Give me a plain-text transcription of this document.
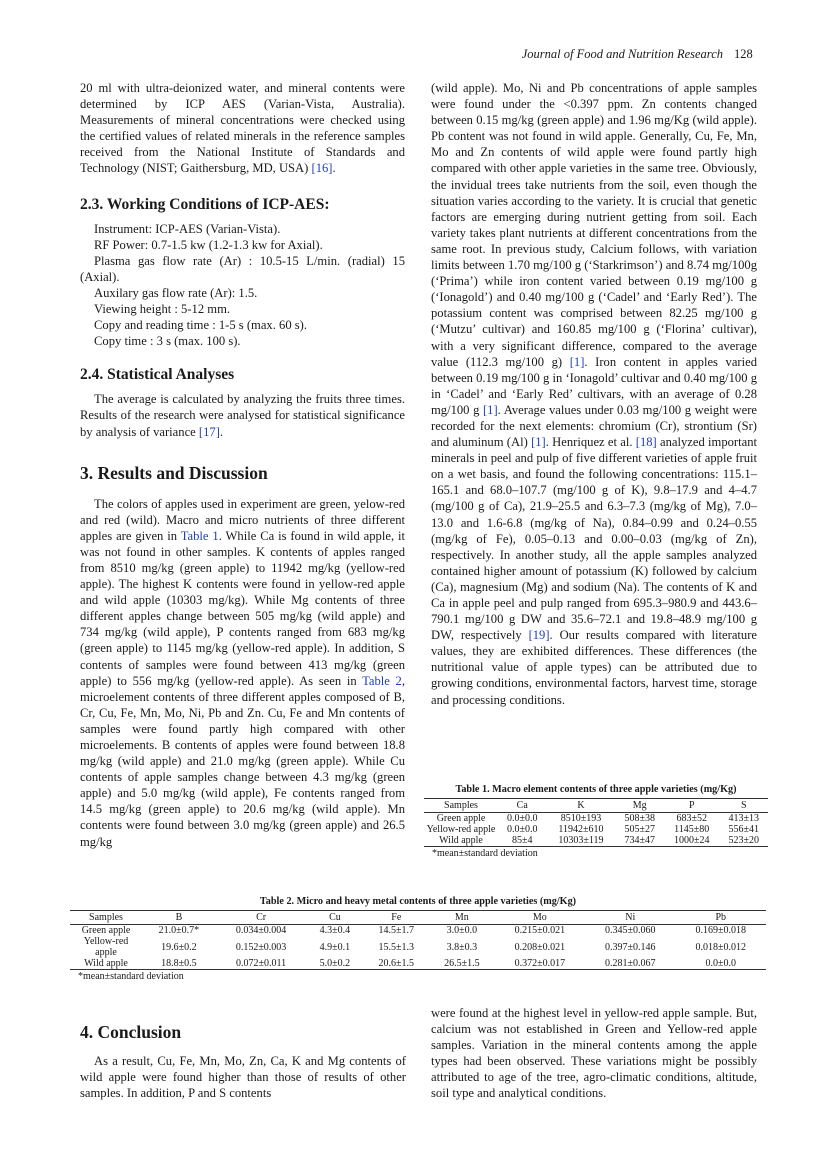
Journal of Food and Nutrition Research 128

20 ml with ultra-deionized water, and mineral contents were determined by ICP AES (Varian-Vista, Australia). Measurements of mineral concentrations were checked using the certified values of related minerals in the reference samples received from the National Institute of Standards and Technology (NIST; Gaithersburg, MD, USA) [16].

2.3. Working Conditions of ICP-AES:

Instrument: ICP-AES (Varian-Vista).

RF Power: 0.7-1.5 kw (1.2-1.3 kw for Axial).

Plasma gas flow rate (Ar) : 10.5-15 L/min. (radial) 15 (Axial).

Auxilary gas flow rate (Ar): 1.5.

Viewing height : 5-12 mm.

Copy and reading time : 1-5 s (max. 60 s).

Copy time : 3 s (max. 100 s).

2.4. Statistical Analyses

The average is calculated by analyzing the fruits three times. Results of the research were analysed for statistical significance by analysis of variance [17].

3. Results and Discussion

The colors of apples used in experiment are green, yelow-red and red (wild). Macro and micro nutrients of three different apples are given in Table 1. While Ca is found in wild apple, it was not found in other samples. K contents of apples ranged from 8510 mg/kg (green apple) to 11942 mg/kg (yellow-red apple). The highest K contents were found in yellow-red apple and wild apple (10303 mg/kg). While Mg contents of three different apples change between 505 mg/kg (wild apple) and 734 mg/kg (wild apple), P contents ranged from 683 mg/kg (green apple) to 1145 mg/kg (yellow-red apple). In addition, S contents of samples were found between 413 mg/kg (green apple) to 556 mg/kg (yellow-red apple). As seen in Table 2, microelement contents of three different apples composed of B, Cr, Cu, Fe, Mn, Mo, Ni, Pb and Zn. Cu, Fe and Mn contents of samples were found partly high compared with other microelements. B contents of apples were found between 18.8 mg/kg (wild apple) and 21.0 mg/kg (green apple). While Cu contents of apple samples change between 4.3 mg/kg (green apple) and 5.0 mg/kg (wild apple), Fe contents ranged from 14.5 mg/kg (green apple) to 20.6 mg/kg (wild apple). Mn contents were found between 3.0 mg/kg (green apple) and 26.5 mg/kg

(wild apple). Mo, Ni and Pb concentrations of apple samples were found under the <0.397 ppm. Zn contents changed between 0.15 mg/kg (green apple) and 1.96 mg/Kg (wild apple). Pb content was not found in wild apple. Generally, Cu, Fe, Mn, Mo and Zn contents of wild apple were found partly high compared with other apple varieties in the same tree. Obviously, the invidual trees take nutrients from the soil, even though the situation varies according to the variety. It is crucial that genetic factors are emerging during nutrient getting from soil. Each variety takes plant nutrients at different concentrations from the same root. In previous study, Calcium follows, with variation limits between 1.70 mg/100 g (‘Starkrimson’) and 8.74 mg/100g (‘Prima’) while iron content varied between 0.19 mg/100 g (‘Ionagold’) and 0.40 mg/100 g (‘Cadel’ and ‘Early Red’). The potassium content was comprised between 82.25 mg/100 g (‘Mutzu’ cultivar) and 160.85 mg/100 g (‘Florina’ cultivar), with a very significant difference, compared to the average value (112.3 mg/100 g) [1]. Iron content in apples varied between 0.19 mg/100 g in ‘Ionagold’ cultivar and 0.40 mg/100 g in ‘Cadel’ and ‘Early Red’ cultivars, with an average of 0.28 mg/100 g [1]. Average values under 0.03 mg/100 g weight were recorded for the next elements: chromium (Cr), strontium (Sr) and aluminum (Al) [1]. Henriquez et al. [18] analyzed important minerals in peel and pulp of five different varieties of apple fruit on a wet basis, and found the following concentrations: 115.1–165.1 and 68.0–107.7 (mg/100 g of K), 9.8–17.9 and 4–4.7 (mg/100 g of Ca), 21.9–25.5 and 6.3–7.3 (mg/kg of Mg), 7.0–13.0 and 1.6-6.8 (mg/kg of Na), 0.84–0.99 and 0.24–0.55 (mg/kg of Fe), 0.05–0.13 and 0.00–0.03 (mg/kg of Zn), respectively. In another study, all the apple samples analyzed contained higher amount of potassium (K) followed by calcium (Ca), magnesium (Mg) and sodium (Na). The contents of K and Ca in apple peel and pulp ranged from 695.3–980.9 and 443.6–790.1 mg/100 g DW and 35.6–72.1 and 19.8–48.9 mg/100 g DW, respectively [19]. Our results compared with literature values, they are exhibited differences. These differences (the nutritional value of apple types) can be attributed due to growing conditions, environmental factors, harvest time, storage and processing conditions.

Table 1. Macro element contents of three apple varieties (mg/Kg)
Samples	Ca	K	Mg	P	S
Green apple	0.0±0.0	8510±193	508±38	683±52	413±13
Yellow-red apple	0.0±0.0	11942±610	505±27	1145±80	556±41
Wild apple	85±4	10303±119	734±47	1000±24	523±20
*mean±standard deviation
Table 2. Micro and heavy metal contents of three apple varieties (mg/Kg)
Samples	B	Cr	Cu	Fe	Mn	Mo	Ni	Pb
Green apple	21.0±0.7*	0.034±0.004	4.3±0.4	14.5±1.7	3.0±0.0	0.215±0.021	0.345±0.060	0.169±0.018
Yellow-red apple	19.6±0.2	0.152±0.003	4.9±0.1	15.5±1.3	3.8±0.3	0.208±0.021	0.397±0.146	0.018±0.012
Wild apple	18.8±0.5	0.072±0.011	5.0±0.2	20.6±1.5	26.5±1.5	0.372±0.017	0.281±0.067	0.0±0.0
*mean±standard deviation
4. Conclusion

As a result, Cu, Fe, Mn, Mo, Zn, Ca, K and Mg contents of wild apple were found higher than those of results of other samples. In addition, P and S contents

were found at the highest level in yellow-red apple sample. But, calcium was not established in Green and Yellow-red apple samples. Variation in the mineral contents among the apple types had been observed. These variations might be possibly attributed to age of the tree, agro-climatic conditions, altitude, soil type and analytical conditions.
